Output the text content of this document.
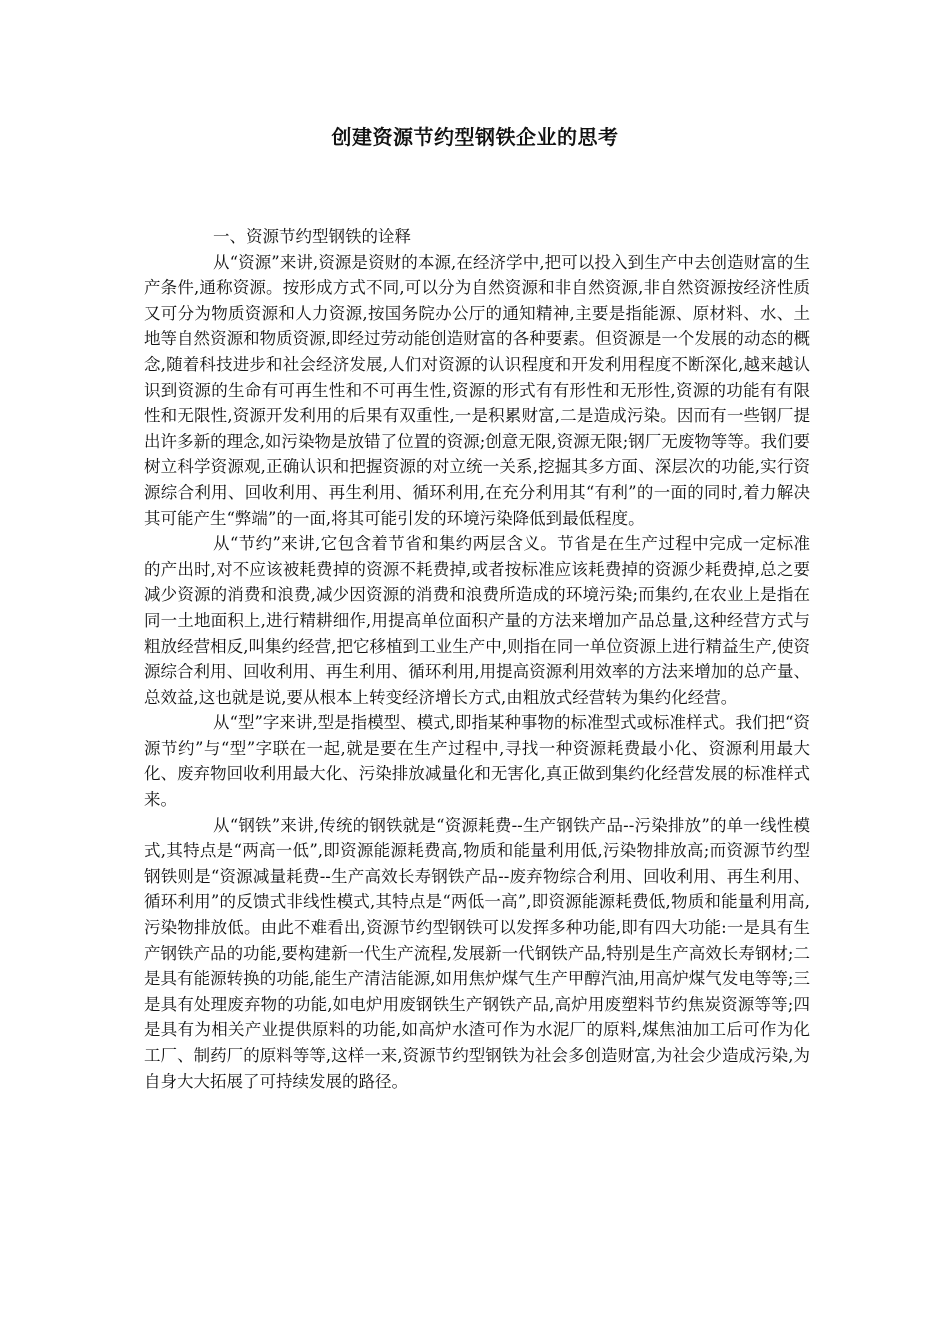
创建资源节约型钢铁企业的思考

一、资源节约型钢铁的诠释

从“资源”来讲,资源是资财的本源,在经济学中,把可以投入到生产中去创造财富的生产条件,通称资源。按形成方式不同,可以分为自然资源和非自然资源,非自然资源按经济性质又可分为物质资源和人力资源,按国务院办公厅的通知精神,主要是指能源、原材料、水、土地等自然资源和物质资源,即经过劳动能创造财富的各种要素。但资源是一个发展的动态的概念,随着科技进步和社会经济发展,人们对资源的认识程度和开发利用程度不断深化,越来越认识到资源的生命有可再生性和不可再生性,资源的形式有有形性和无形性,资源的功能有有限性和无限性,资源开发利用的后果有双重性,一是积累财富,二是造成污染。因而有一些钢厂提出许多新的理念,如污染物是放错了位置的资源;创意无限,资源无限;钢厂无废物等等。我们要树立科学资源观,正确认识和把握资源的对立统一关系,挖掘其多方面、深层次的功能,实行资源综合利用、回收利用、再生利用、循环利用,在充分利用其“有利”的一面的同时,着力解决其可能产生“弊端”的一面,将其可能引发的环境污染降低到最低程度。

从“节约”来讲,它包含着节省和集约两层含义。节省是在生产过程中完成一定标准的产出时,对不应该被耗费掉的资源不耗费掉,或者按标准应该耗费掉的资源少耗费掉,总之要减少资源的消费和浪费,减少因资源的消费和浪费所造成的环境污染;而集约,在农业上是指在同一土地面积上,进行精耕细作,用提高单位面积产量的方法来增加产品总量,这种经营方式与粗放经营相反,叫集约经营,把它移植到工业生产中,则指在同一单位资源上进行精益生产,使资源综合利用、回收利用、再生利用、循环利用,用提高资源利用效率的方法来增加的总产量、总效益,这也就是说,要从根本上转变经济增长方式,由粗放式经营转为集约化经营。

从“型”字来讲,型是指模型、模式,即指某种事物的标准型式或标准样式。我们把“资源节约”与“型”字联在一起,就是要在生产过程中,寻找一种资源耗费最小化、资源利用最大化、废弃物回收利用最大化、污染排放减量化和无害化,真正做到集约化经营发展的标准样式来。

从“钢铁”来讲,传统的钢铁就是“资源耗费--生产钢铁产品--污染排放”的单一线性模式,其特点是“两高一低”,即资源能源耗费高,物质和能量利用低,污染物排放高;而资源节约型钢铁则是“资源减量耗费--生产高效长寿钢铁产品--废弃物综合利用、回收利用、再生利用、循环利用”的反馈式非线性模式,其特点是“两低一高”,即资源能源耗费低,物质和能量利用高,污染物排放低。由此不难看出,资源节约型钢铁可以发挥多种功能,即有四大功能:一是具有生产钢铁产品的功能,要构建新一代生产流程,发展新一代钢铁产品,特别是生产高效长寿钢材;二是具有能源转换的功能,能生产清洁能源,如用焦炉煤气生产甲醇汽油,用高炉煤气发电等等;三是具有处理废弃物的功能,如电炉用废钢铁生产钢铁产品,高炉用废塑料节约焦炭资源等等;四是具有为相关产业提供原料的功能,如高炉水渣可作为水泥厂的原料,煤焦油加工后可作为化工厂、制药厂的原料等等,这样一来,资源节约型钢铁为社会多创造财富,为社会少造成污染,为自身大大拓展了可持续发展的路径。
